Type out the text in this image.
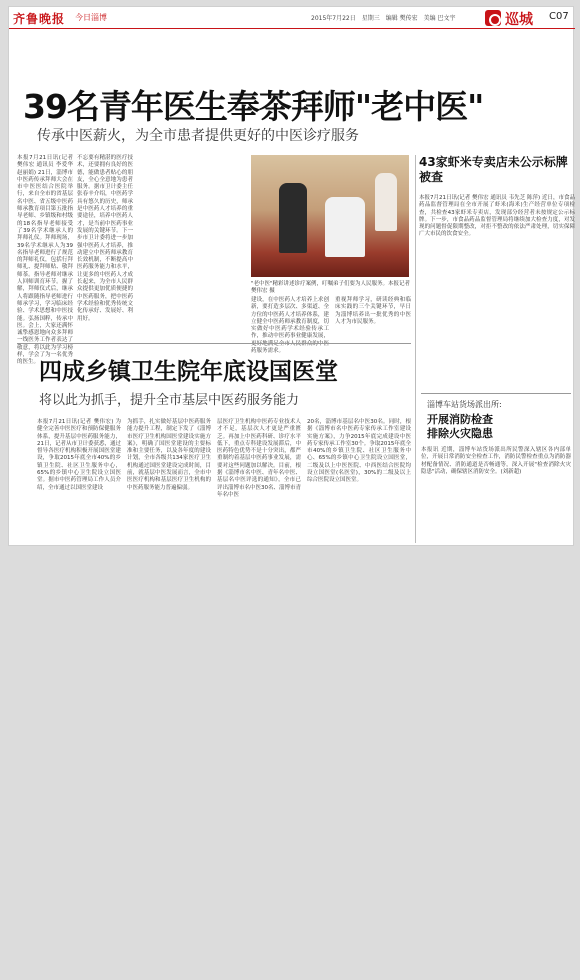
齐鲁晚报 今日淄博	2015年7月22日　星期三　编辑 樊传宏　美编 巴文宇	巡城 C07
39名青年医生奉茶拜师"老中医"
传承中医薪火，为全市患者提供更好的中医诊疗服务
本报7月21日讯(记者 樊伟宏 通讯员 李爱华 赵丽娟) 21日，淄博市中医药传承拜师大会在市中医医结合医院举行，来自全市的省基层名中医、省五级中医药师承教育项目第五批指导老师、乡镇级和村级的18名指导老师接受了39名学术继承人的拜师礼仪。拜师现场，39名学术继承人为39名指导老师进行了规范的拜师礼仪，包括行拜师礼、提拜师贴、敬拜师茶。指导老师对继承人回师训育环节。握了解，拜师仪式后，继承人将跟随指导老师进行师承学习，学习临床经验、学术思想和中医技能。弘扬国粹，传承中医。会上，大家还满怀诚挚感恩地向众多拜师一线医务工作者表达了敬意，将以此为学习榜样，学会了为一名优秀的医生。
不忘要有精湛的医疗技术，还要拥有良好的医德，能做患者贴心的朋友，全心全意地为患者服务。据市卫计委主任张春辛介绍，中医药学具有悠久的历史，师承是中医药人才培养的重要途径，培养中医药人才，是当前中医药事业发展的关键环节。下一步市卫计委将进一步加强中医药人才培养，推动建立中医药师承教育长效机制，不断提高中医药服务能力和水平，让更多的中医药人才成长起来，为全市人民群众提供更加优质便捷的中医药服务，把中医药学术经验和优秀传统文化传承好、发展好、利用好。
"老中医"精彩讲述诊疗案例，叮嘱弟子们要为人民服务。本报记者 樊伟宏 摄
建设，在中医药人才培养上求创新，要打造多层次、多渠道、全方位的中医药人才培养体系，建立健全中医药师承教育制度，切实做好中医药学术经验传承工作，推动中医药事业健康发展， 药服务需求。
重视拜师学习，研读经典和临床实践的三个关键环节，早日为淄博培养出一批优秀的中医人才为市民服务。
四成乡镇卫生院年底设国医堂
将以此为抓手，提升全市基层中医药服务能力
本报7月21日讯(记者 樊伟宏) 为健全完善中医医疗和预防保健服务体系，提升基层中医药服务能力，21日，记者从市卫计委获悉，通过督导各医疗机构积极开展国医堂建设，争取2015年底全市40%的乡镇卫生院、社区卫生服务中心，65%的乡镇中心卫生院设立国医堂。据市中医药管理局工作人员介绍，全市通过以国医堂建设
为抓手，扎实做好基层中医药服务能力提升工程，制定下发了《淄博市医疗卫生机构国医堂建设实施方案》，明确了国医堂建设的主要标准和主要任务，以及各年度的建设计划，全市各级共134家医疗卫生机构通过国医堂建设完成时间，目前，就基层中医发展而言，全市中医医疗机构和基层医疗卫生机构的中医药服务能力普遍偏弱。
层医疗卫生机构中医药专业技术人才不足，基层次人才更是严重匮乏。再加上中医药科研、诊疗水平低下，重点专科建设发展滞后，中医药特色优势不是十分突出，都严重制约着基层中医药事业发展，需要对这些问题加以解决。目前，根据《淄博市名中医、青年名中医、基层名中医评选的通知》，全市已评出淄博市名中医30名、淄博市青年名中医
20名，淄博市基层名中医30名。同时，根据《淄博市名中医药专家传承工作室建设实施方案》，力争2015年底完成建设中医药专家传承工作室30个。争取2015年底全市40%的乡镇卫生院、社区卫生服务中心、65%的乡镇中心卫生院设立国医堂，二级及以上中医医院、中西医结合医院均设立国医堂(名医堂)，30%的二级及以上综合医院设立国医堂。
43家虾米专卖店未公示标牌被查
本报7月21日讯(记者 樊伟宏 通讯员 韦先芝 陈萍) 近日，市食品药品监督管理局在全市开展了虾米(海米)生产经营单位专项检查，共检查43家虾米专卖店，发现部分经营者未按规定公示标牌。下一步，市食品药品监督管理局将继续加大检查力度，对发现的问题督促限期整改，对拒不整改的依法严肃处理，切实保障广大市民的饮食安全。
淄博车站货场派出所:
开展消防检查
排除火灾隐患
本报讯 近期，淄博车站货场派出所民警深入辖区各内部单位，开展日常消防安全检查工作，消防民警检查重点为消防器材配备情况、消防通道是否畅通等，深入开展"检查消除火灾隐患"活动，确保辖区消防安全。(刘新超)
